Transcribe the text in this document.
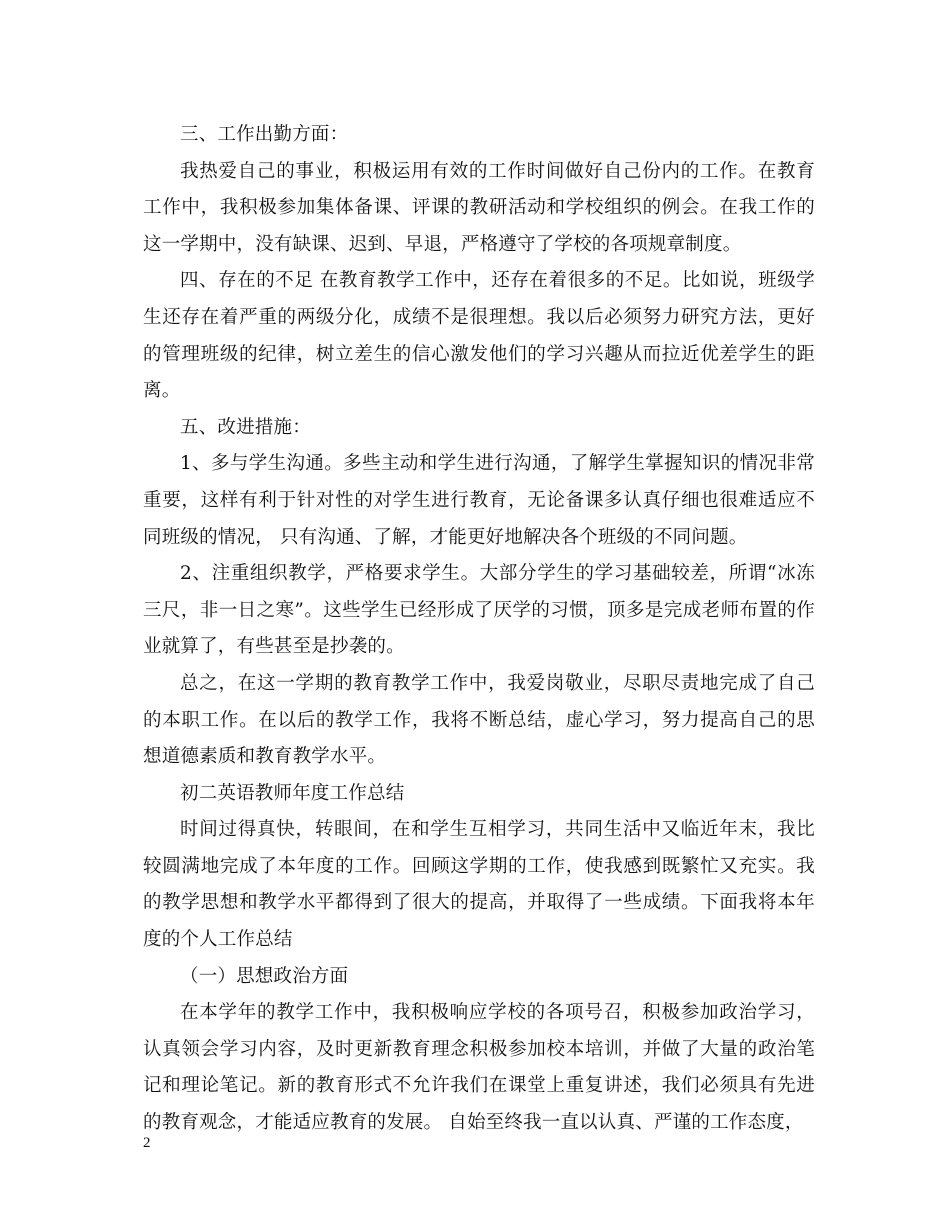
三、工作出勤方面：

我热爱自己的事业，积极运用有效的工作时间做好自己份内的工作。在教育工作中，我积极参加集体备课、评课的教研活动和学校组织的例会。在我工作的这一学期中，没有缺课、迟到、早退，严格遵守了学校的各项规章制度。

四、存在的不足 在教育教学工作中，还存在着很多的不足。比如说，班级学生还存在着严重的两级分化，成绩不是很理想。我以后必须努力研究方法，更好的管理班级的纪律，树立差生的信心激发他们的学习兴趣从而拉近优差学生的距离。

五、改进措施：

1、多与学生沟通。多些主动和学生进行沟通，了解学生掌握知识的情况非常重要，这样有利于针对性的对学生进行教育，无论备课多认真仔细也很难适应不同班级的情况， 只有沟通、了解，才能更好地解决各个班级的不同问题。

2、注重组织教学，严格要求学生。大部分学生的学习基础较差，所谓“冰冻三尺，非一日之寒”。这些学生已经形成了厌学的习惯，顶多是完成老师布置的作业就算了，有些甚至是抄袭的。

总之，在这一学期的教育教学工作中，我爱岗敬业，尽职尽责地完成了自己的本职工作。在以后的教学工作，我将不断总结，虚心学习，努力提高自己的思想道德素质和教育教学水平。

初二英语教师年度工作总结

时间过得真快，转眼间，在和学生互相学习，共同生活中又临近年末，我比较圆满地完成了本年度的工作。回顾这学期的工作，使我感到既繁忙又充实。我的教学思想和教学水平都得到了很大的提高，并取得了一些成绩。下面我将本年度的个人工作总结

（一）思想政治方面

在本学年的教学工作中，我积极响应学校的各项号召，积极参加政治学习，认真领会学习内容，及时更新教育理念积极参加校本培训，并做了大量的政治笔记和理论笔记。新的教育形式不允许我们在课堂上重复讲述，我们必须具有先进的教育观念，才能适应教育的发展。 自始至终我一直以认真、严谨的工作态度，

2
